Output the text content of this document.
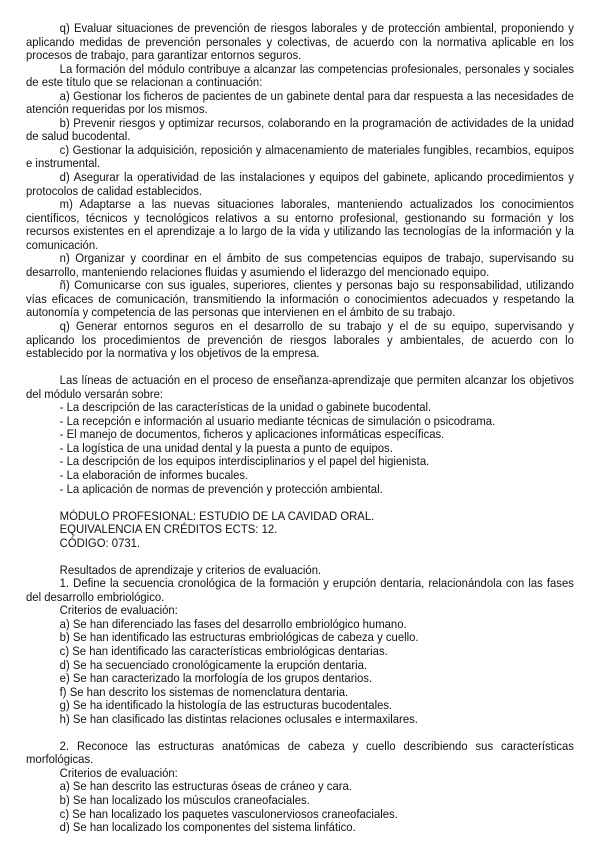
q) Evaluar situaciones de prevención de riesgos laborales y de protección ambiental, proponiendo y aplicando medidas de prevención personales y colectivas, de acuerdo con la normativa aplicable en los procesos de trabajo, para garantizar entornos seguros.

La formación del módulo contribuye a alcanzar las competencias profesionales, personales y sociales de este título que se relacionan a continuación:

a) Gestionar los ficheros de pacientes de un gabinete dental para dar respuesta a las necesidades de atención requeridas por los mismos.

b) Prevenir riesgos y optimizar recursos, colaborando en la programación de actividades de la unidad de salud bucodental.

c) Gestionar la adquisición, reposición y almacenamiento de materiales fungibles, recambios, equipos e instrumental.

d) Asegurar la operatividad de las instalaciones y equipos del gabinete, aplicando procedimientos y protocolos de calidad establecidos.

m) Adaptarse a las nuevas situaciones laborales, manteniendo actualizados los conocimientos científicos, técnicos y tecnológicos relativos a su entorno profesional, gestionando su formación y los recursos existentes en el aprendizaje a lo largo de la vida y utilizando las tecnologías de la información y la comunicación.

n) Organizar y coordinar en el ámbito de sus competencias equipos de trabajo, supervisando su desarrollo, manteniendo relaciones fluidas y asumiendo el liderazgo del mencionado equipo.

ñ) Comunicarse con sus iguales, superiores, clientes y personas bajo su responsabilidad, utilizando vías eficaces de comunicación, transmitiendo la información o conocimientos adecuados y respetando la autonomía y competencia de las personas que intervienen en el ámbito de su trabajo.

q) Generar entornos seguros en el desarrollo de su trabajo y el de su equipo, supervisando y aplicando los procedimientos de prevención de riesgos laborales y ambientales, de acuerdo con lo establecido por la normativa y los objetivos de la empresa.

Las líneas de actuación en el proceso de enseñanza-aprendizaje que permiten alcanzar los objetivos del módulo versarán sobre:

- La descripción de las características de la unidad o gabinete bucodental.

- La recepción e información al usuario mediante técnicas de simulación o psicodrama.

- El manejo de documentos, ficheros y aplicaciones informáticas específicas.

- La logística de una unidad dental y la puesta a punto de equipos.

- La descripción de los equipos interdisciplinarios y el papel del higienista.

- La elaboración de informes bucales.

- La aplicación de normas de prevención y protección ambiental.

MÓDULO PROFESIONAL: ESTUDIO DE LA CAVIDAD ORAL.

EQUIVALENCIA EN CRÉDITOS ECTS: 12.

CÓDIGO: 0731.

Resultados de aprendizaje y criterios de evaluación.

1. Define la secuencia cronológica de la formación y erupción dentaria, relacionándola con las fases del desarrollo embriológico.

Criterios de evaluación:

a) Se han diferenciado las fases del desarrollo embriológico humano.

b) Se han identificado las estructuras embriológicas de cabeza y cuello.

c) Se han identificado las características embriológicas dentarias.

d) Se ha secuenciado cronológicamente la erupción dentaria.

e) Se han caracterizado la morfología de los grupos dentarios.

f) Se han descrito los sistemas de nomenclatura dentaria.

g) Se ha identificado la histología de las estructuras bucodentales.

h) Se han clasificado las distintas relaciones oclusales e intermaxilares.

2. Reconoce las estructuras anatómicas de cabeza y cuello describiendo sus características morfológicas.

Criterios de evaluación:

a) Se han descrito las estructuras óseas de cráneo y cara.

b) Se han localizado los músculos craneofaciales.

c) Se han localizado los paquetes vasculonerviosos craneofaciales.

d) Se han localizado los componentes del sistema linfático.
